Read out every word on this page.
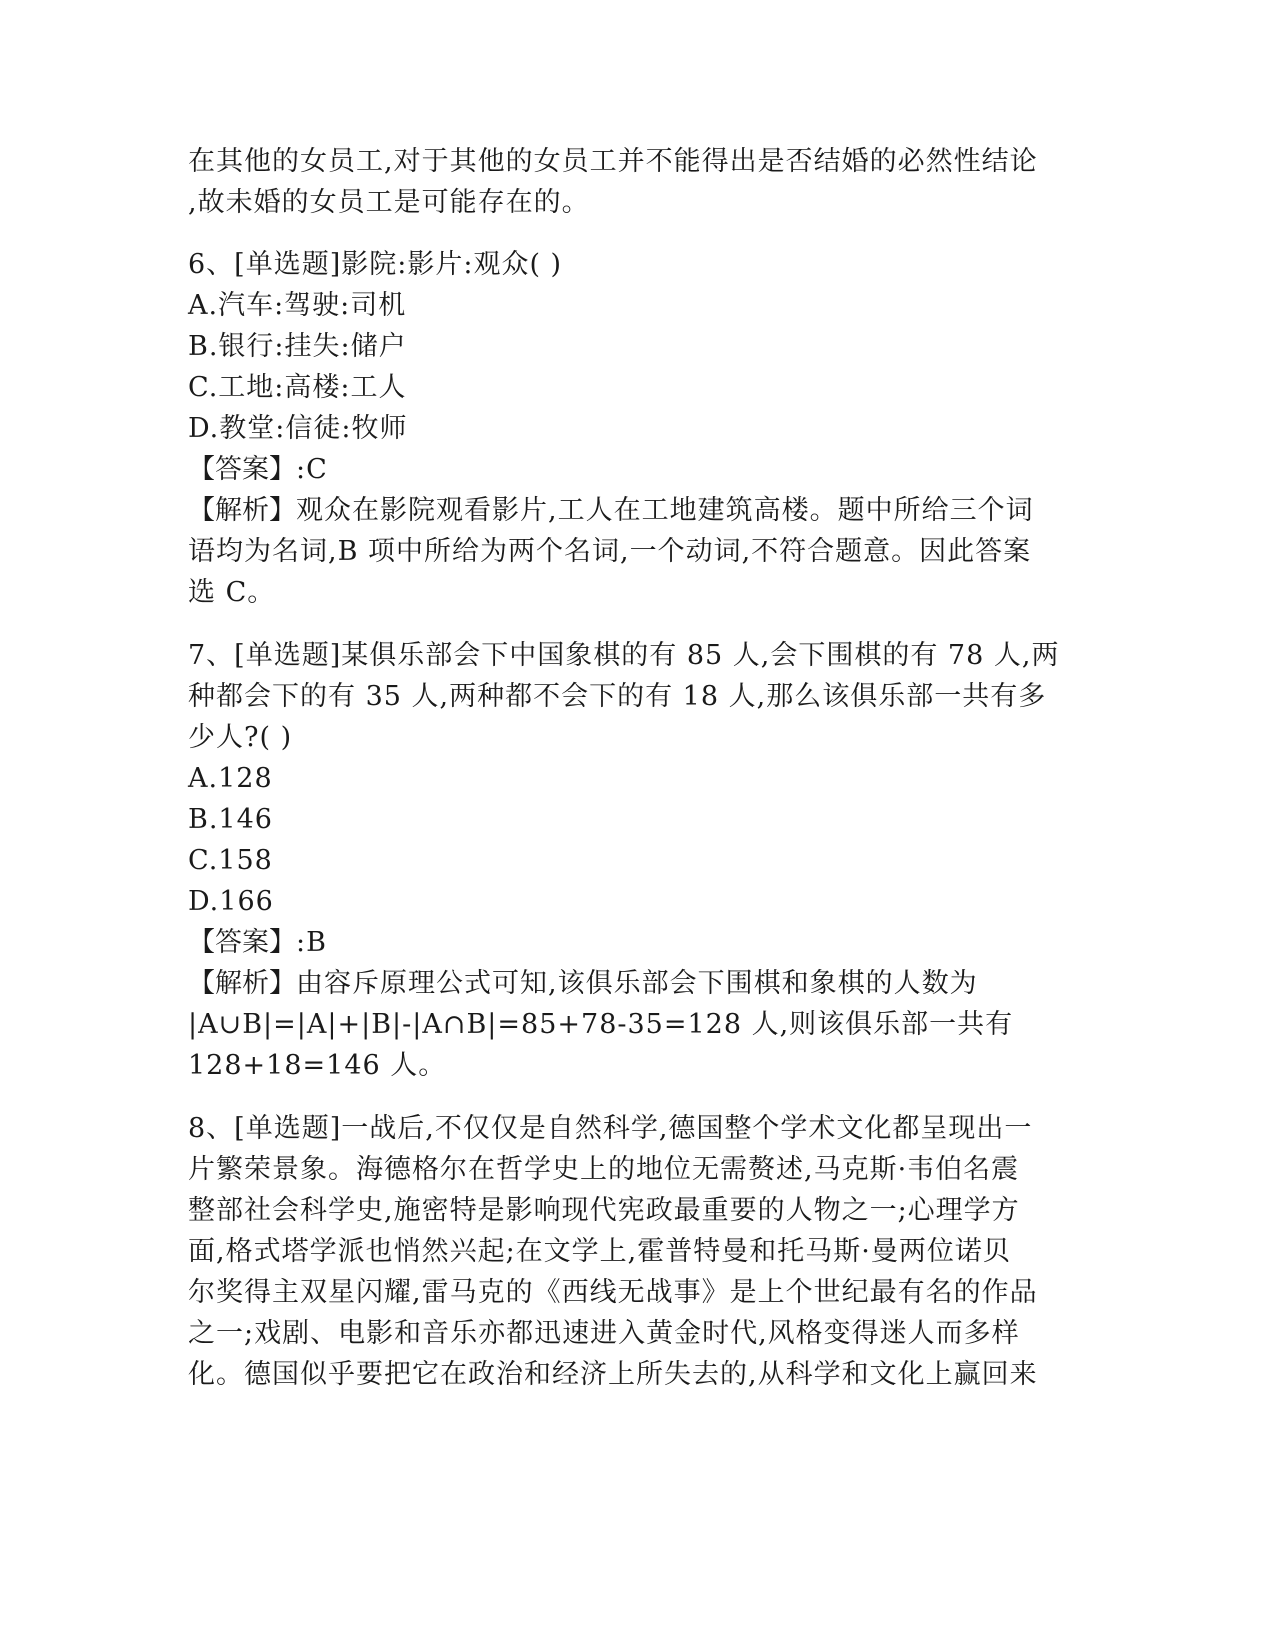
在其他的女员工,对于其他的女员工并不能得出是否结婚的必然性结论
,故未婚的女员工是可能存在的。
6、[单选题]影院:影片:观众( )
A.汽车:驾驶:司机
B.银行:挂失:储户
C.工地:高楼:工人
D.教堂:信徒:牧师
【答案】:C
【解析】观众在影院观看影片,工人在工地建筑高楼。题中所给三个词
语均为名词,B 项中所给为两个名词,一个动词,不符合题意。因此答案
选 C。
7、[单选题]某俱乐部会下中国象棋的有 85 人,会下围棋的有 78 人,两
种都会下的有 35 人,两种都不会下的有 18 人,那么该俱乐部一共有多
少人?( )
A.128
B.146
C.158
D.166
【答案】:B
【解析】由容斥原理公式可知,该俱乐部会下围棋和象棋的人数为
|A∪B|=|A|+|B|-|A∩B|=85+78-35=128 人,则该俱乐部一共有
128+18=146 人。
8、[单选题]一战后,不仅仅是自然科学,德国整个学术文化都呈现出一
片繁荣景象。海德格尔在哲学史上的地位无需赘述,马克斯·韦伯名震
整部社会科学史,施密特是影响现代宪政最重要的人物之一;心理学方
面,格式塔学派也悄然兴起;在文学上,霍普特曼和托马斯·曼两位诺贝
尔奖得主双星闪耀,雷马克的《西线无战事》是上个世纪最有名的作品
之一;戏剧、电影和音乐亦都迅速进入黄金时代,风格变得迷人而多样
化。德国似乎要把它在政治和经济上所失去的,从科学和文化上赢回来
